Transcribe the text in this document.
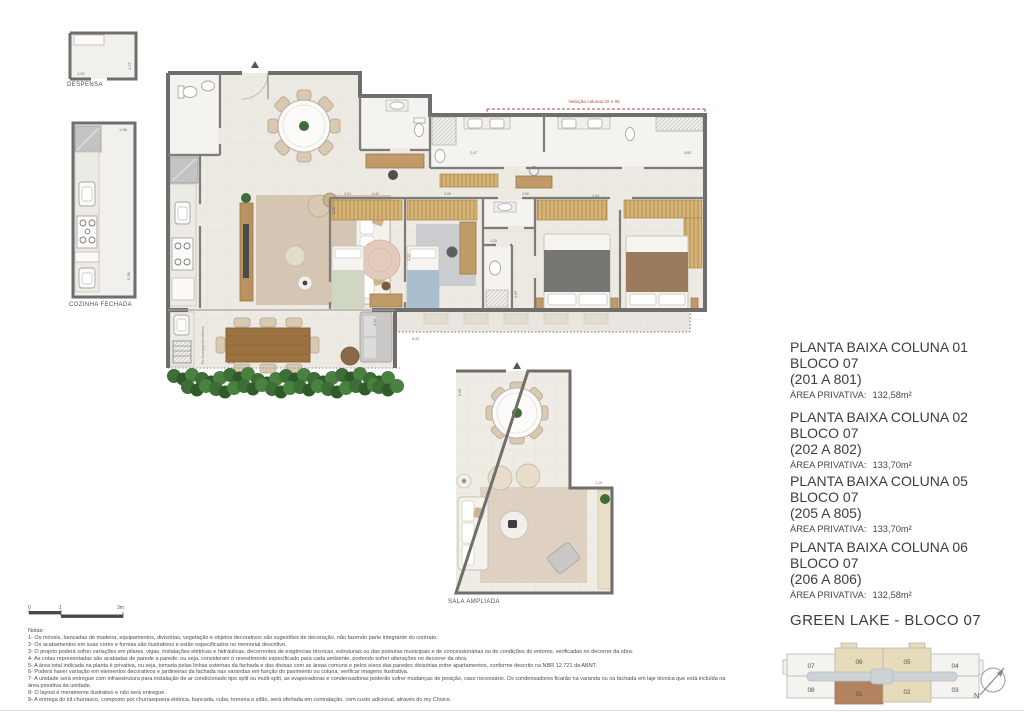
1,91
1,27
DESPENSA
1,98
5,38
COZINHA FECHADA
Kit churrasqueira elétrica
Variação colunas 02 e 05
4,42
3,01
2,20
2,00	2,50
2,47	5,83
3,23
1,25
1,09
2,04
2,12
6,50
6,43
5,05
1,19
SALA AMPLIADA
0	1	3m
Notas:
1- Os móveis, bancadas de madeira, equipamentos, divisórias, vegetação e objetos decorativos são sugestões de decoração, não fazendo parte integrante do contrato.
2- Os acabamentos em suas cores e formas são ilustrativos e estão especificados no memorial descritivo.
3- O projeto poderá sofrer variações em pilares, vigas, instalações elétricas e hidráulicas, decorrentes de exigências técnicas, estruturais ou das posturas municipais e de concessionárias ou de condições do entorno, verificadas no decorrer da obra.
4- As cotas representadas são acabadas de parede a parede, ou seja, consideram o revestimento especificado para cada ambiente, podendo sofrer alterações no decorrer da obra.
5- A área total indicada na planta é privativa, ou seja, tomada pelas linhas externas da fachada e das divisas com as áreas comuns e pelos eixos das paredes divisórias entre apartamentos, conforme descrito na NBR 12.721 da ABNT.
6- Poderá haver variação em elementos decorativos e jardineiras da fachada nas varandas em função do pavimento ou coluna, verificar imagens ilustrativa.
7- A unidade será entregue com infraestrutura para instalação de ar condicionado tipo split ou multi-split, as evaporadoras e condensadoras poderão sofrer mudanças de posição, caso necessário. Os condensadores ficarão na varanda ou na fachada em laje técnica que está incluída na área privativa da unidade.
8- O layout é meramente ilustrativo e não será entregue.
9- A entrega do kit churrasco, composto por churrasqueira elétrica, bancada, cuba, torneira e sifão, será ofertada em contratação, com custo adicional, através do my Choice.
PLANTA BAIXA COLUNA 01
BLOCO 07
(201 A 801)
ÁREA PRIVATIVA: 132,58m²
PLANTA BAIXA COLUNA 02
BLOCO 07
(202 A 802)
ÁREA PRIVATIVA: 133,70m²
PLANTA BAIXA COLUNA 05
BLOCO 07
(205 A 805)
ÁREA PRIVATIVA: 133,70m²
PLANTA BAIXA COLUNA 06
BLOCO 07
(206 A 806)
ÁREA PRIVATIVA: 132,58m²
GREEN LAKE - BLOCO 07
07
06	05
04
08
01	02	03
N
